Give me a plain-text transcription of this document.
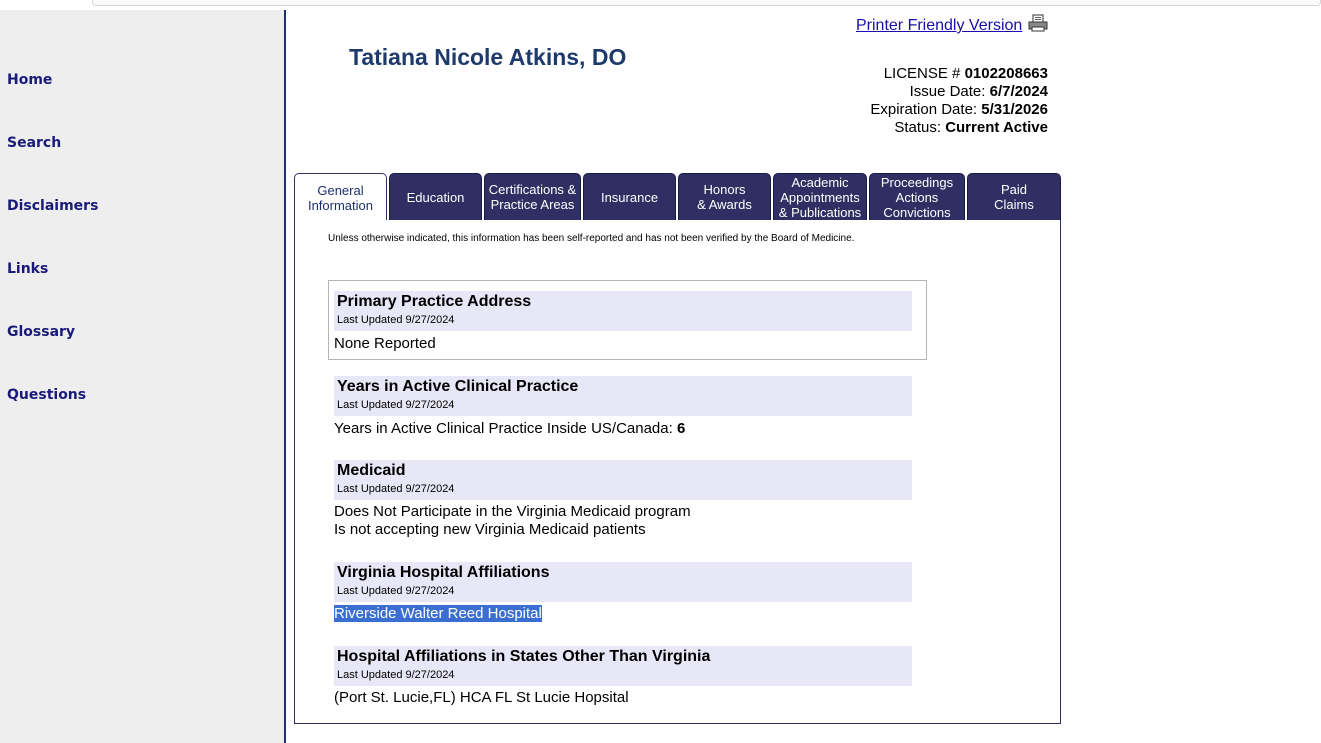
Home
Search
Disclaimers
Links
Glossary
Questions
Printer Friendly Version
Tatiana Nicole Atkins, DO
LICENSE # 0102208663
Issue Date: 6/7/2024
Expiration Date: 5/31/2026
Status: Current Active
General
Information
Education Certifications &
Practice Areas Insurance	Honors
& Awards
Academic
Appointments
& Publications
Proceedings
Actions
Convictions
Paid
Claims
Unless otherwise indicated, this information has been self-reported and has not been verified by the Board of Medicine.
Primary Practice Address
Last Updated 9/27/2024
None Reported
Years in Active Clinical Practice
Last Updated 9/27/2024
Years in Active Clinical Practice Inside US/Canada: 6
Medicaid
Last Updated 9/27/2024
Does Not Participate in the Virginia Medicaid program
Is not accepting new Virginia Medicaid patients
Virginia Hospital Affiliations
Last Updated 9/27/2024
Riverside Walter Reed Hospital
Hospital Affiliations in States Other Than Virginia
Last Updated 9/27/2024
(Port St. Lucie,FL) HCA FL St Lucie Hopsital
